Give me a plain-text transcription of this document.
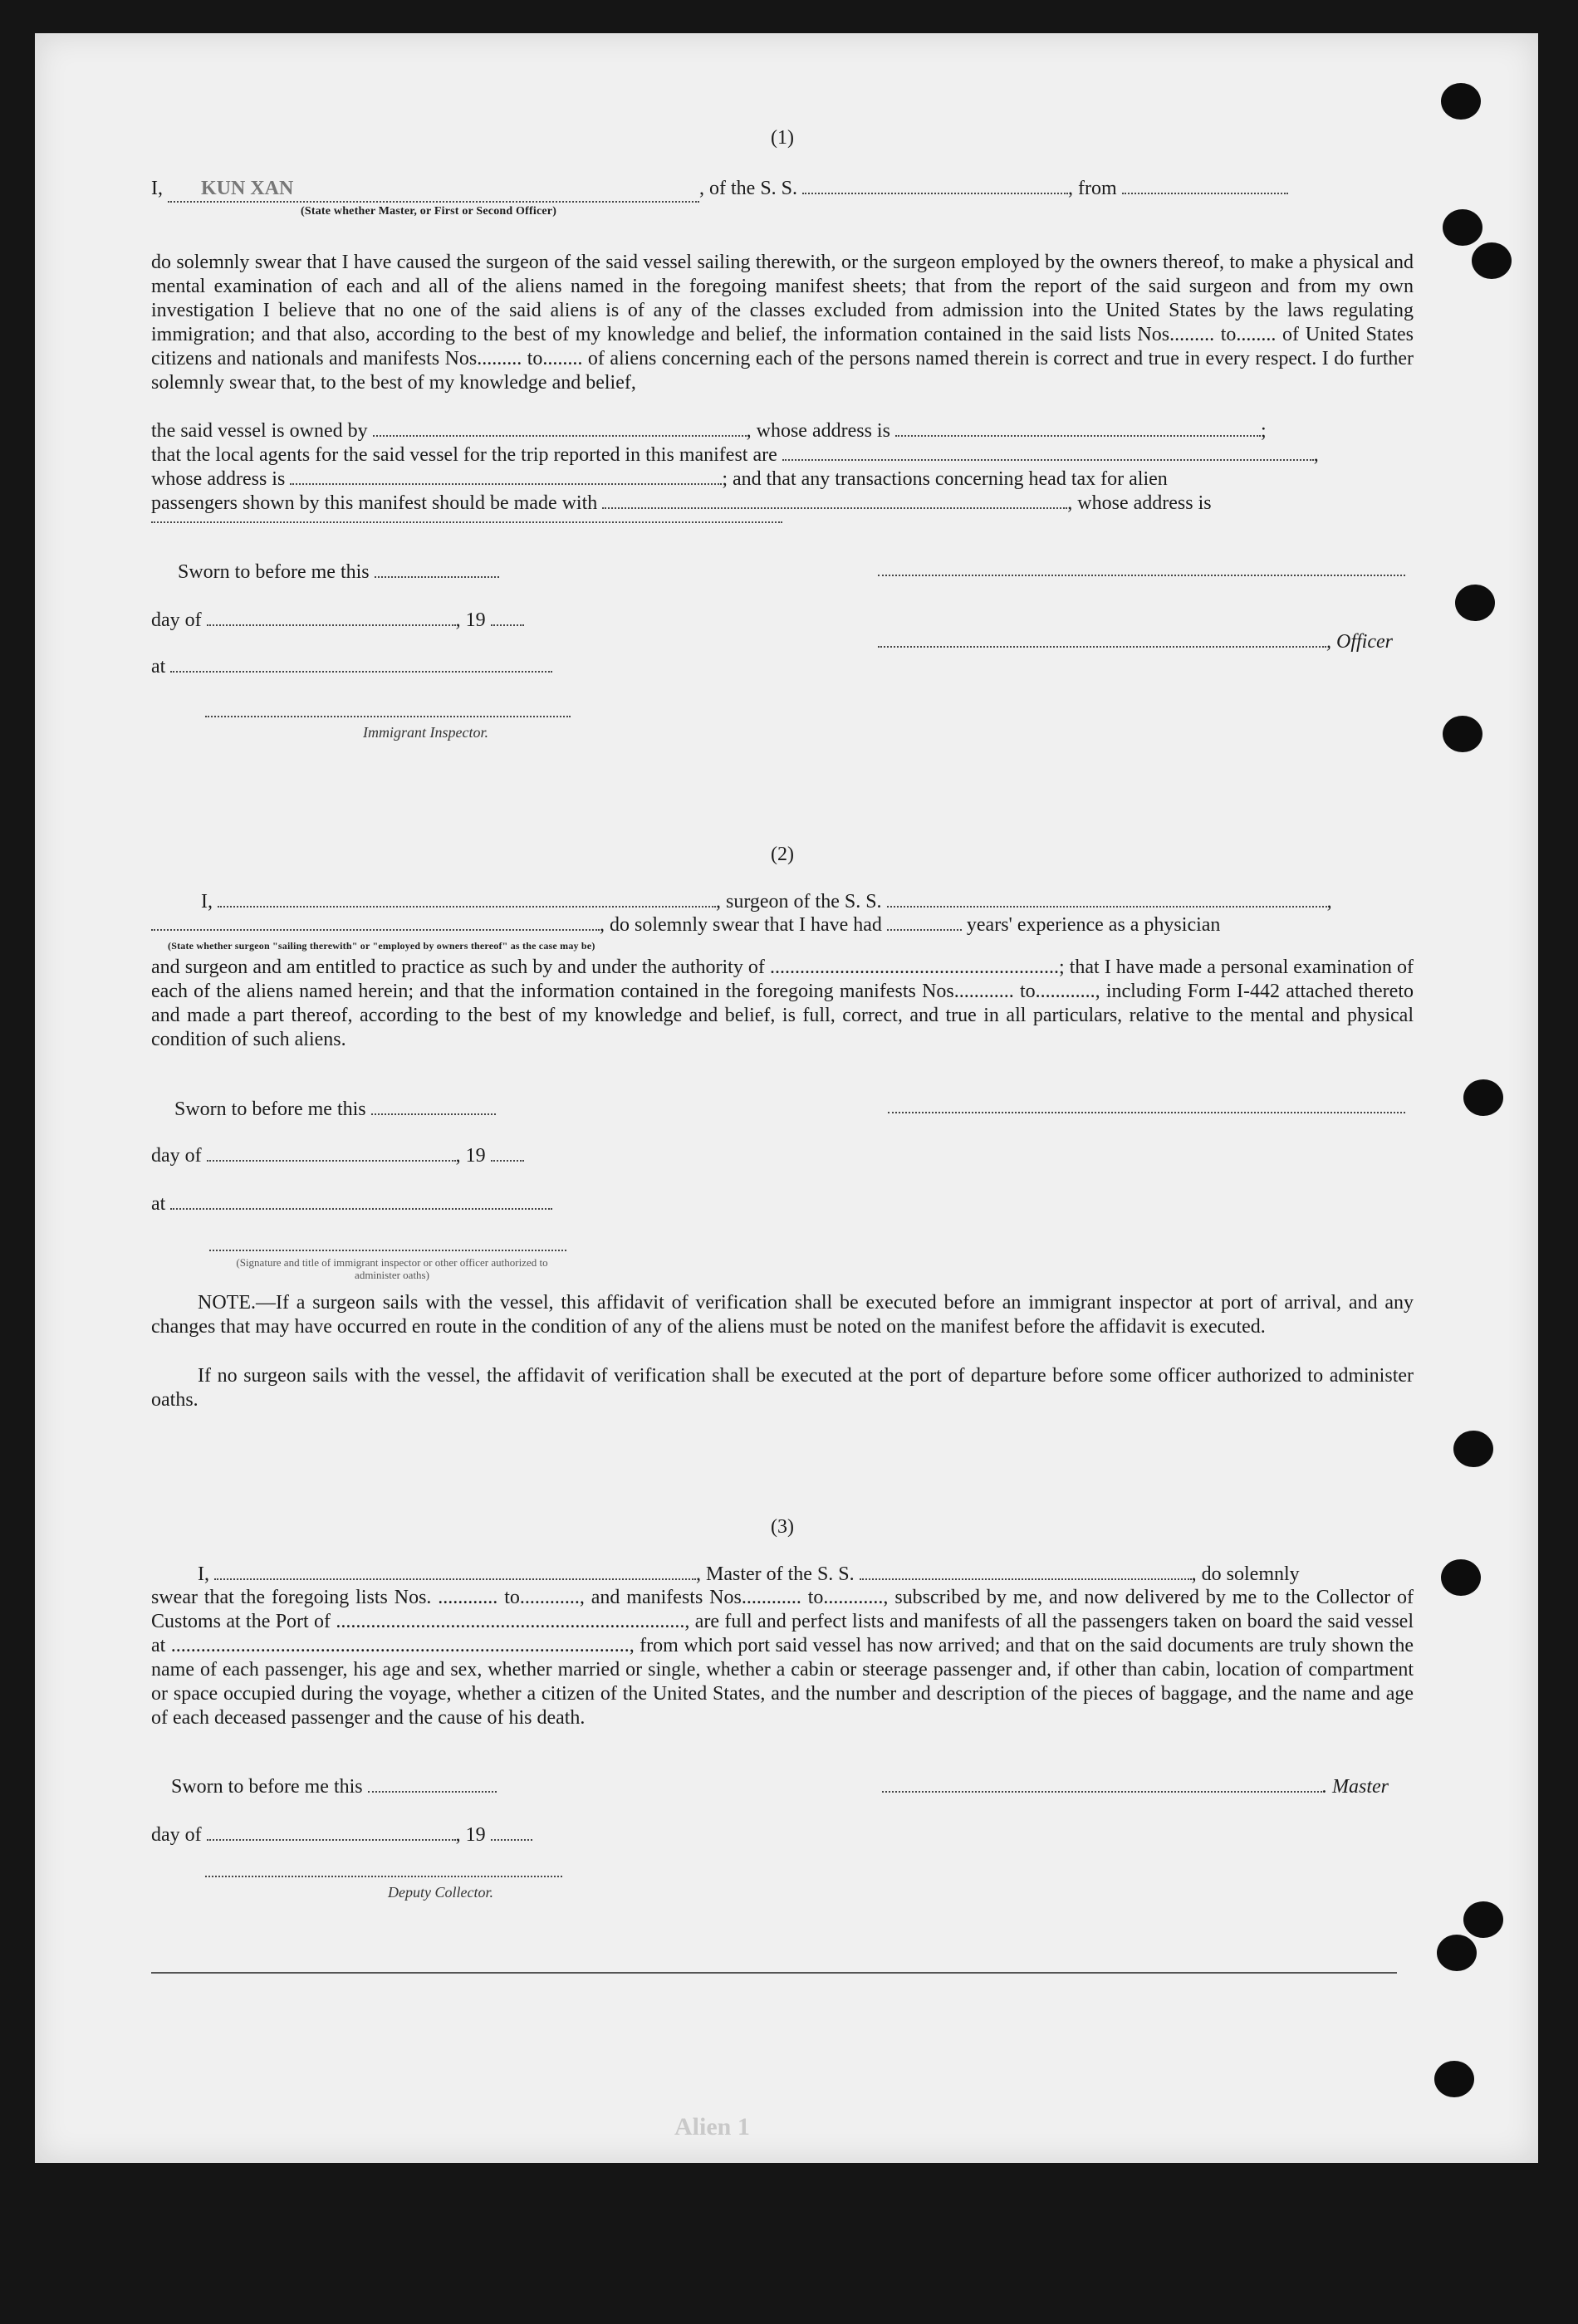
(1)
I, KUN XAN	, of the S. S.	, from
(State whether Master, or First or Second Officer)
do solemnly swear that I have caused the surgeon of the said vessel sailing therewith, or the surgeon employed by the owners thereof, to make a physical and mental examination of each and all of the aliens named in the foregoing manifest sheets; that from the report of the said surgeon and from my own investigation I believe that no one of the said aliens is of any of the classes excluded from admission into the United States by the laws regulating immigration; and that also, according to the best of my knowledge and belief, the information contained in the said lists Nos......... to........ of United States citizens and nationals and manifests Nos......... to........ of aliens concerning each of the persons named therein is correct and true in every respect. I do further solemnly swear that, to the best of my knowledge and belief,
the said vessel is owned by	, whose address is	;
that the local agents for the said vessel for the trip reported in this manifest are	,
whose address is	; and that any transactions concerning head tax for alien
passengers shown by this manifest should be made with	, whose address is
Sworn to before me this
day of	, 19
, Officer
at
Immigrant Inspector.
(2)
I,	, surgeon of the S. S.	,
, do solemnly swear that I have had	years' experience as a physician
(State whether surgeon "sailing therewith" or "employed by owners thereof" as the case may be)
and surgeon and am entitled to practice as such by and under the authority of ..........................................................; that I have made a personal examination of each of the aliens named herein; and that the information contained in the foregoing manifests Nos............ to............, including Form I-442 attached thereto and made a part thereof, according to the best of my knowledge and belief, is full, correct, and true in all particulars, relative to the mental and physical condition of such aliens.
Sworn to before me this
day of	, 19
at
(Signature and title of immigrant inspector or other officer authorized to administer oaths)
NOTE.—If a surgeon sails with the vessel, this affidavit of verification shall be executed before an immigrant inspector at port of arrival, and any changes that may have occurred en route in the condition of any of the aliens must be noted on the manifest before the affidavit is executed.
If no surgeon sails with the vessel, the affidavit of verification shall be executed at the port of departure before some officer authorized to administer oaths.
(3)
I,	, Master of the S. S.	, do solemnly
swear that the foregoing lists Nos. ............ to............, and manifests Nos............ to............, subscribed by me, and now delivered by me to the Collector of Customs at the Port of ......................................................................, are full and perfect lists and manifests of all the passengers taken on board the said vessel at ............................................................................................, from which port said vessel has now arrived; and that on the said documents are truly shown the name of each passenger, his age and sex, whether married or single, whether a cabin or steerage passenger and, if other than cabin, location of compartment or space occupied during the voyage, whether a citizen of the United States, and the number and description of the pieces of baggage, and the name and age of each deceased passenger and the cause of his death.
Sworn to before me this	. Master
day of	, 19
Deputy Collector.
Alien 1
